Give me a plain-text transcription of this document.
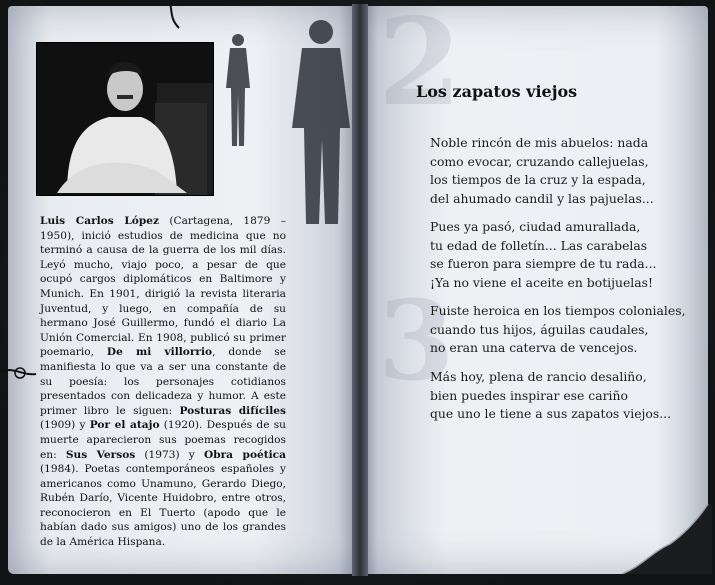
2
3

Luis Carlos López (Cartagena, 1879 – 1950), inició estudios de medicina que no terminó a causa de la guerra de los mil días. Leyó mucho, viajo poco, a pesar de que ocupó cargos diplomáticos en Baltimore y Munich. En 1901, dirigió la revista literaria Juventud, y luego, en compañía de su hermano José Guillermo, fundó el diario La Unión Comercial. En 1908, publicó su primer poemario, De mi villorrio, donde se manifiesta lo que va a ser una constante de su poesía: los personajes cotidianos presentados con delicadeza y humor. A este primer libro le siguen: Posturas difíciles (1909) y Por el atajo (1920). Después de su muerte aparecieron sus poemas recogidos en: Sus Versos (1973) y Obra poética (1984). Poetas contemporáneos españoles y americanos como Unamuno, Gerardo Diego, Rubén Darío, Vicente Huidobro, entre otros, reconocieron en El Tuerto (apodo que le habían dado sus amigos) uno de los grandes de la América Hispana.

Los zapatos viejos

Noble rincón de mis abuelos: nada
como evocar, cruzando callejuelas,
los tiempos de la cruz y la espada,
del ahumado candil y las pajuelas...

Pues ya pasó, ciudad amurallada,
tu edad de folletín... Las carabelas
se fueron para siempre de tu rada...
¡Ya no viene el aceite en botijuelas!

Fuiste heroica en los tiempos coloniales,
cuando tus hijos, águilas caudales,
no eran una caterva de vencejos.

Más hoy, plena de rancio desaliño,
bien puedes inspirar ese cariño
que uno le tiene a sus zapatos viejos...
